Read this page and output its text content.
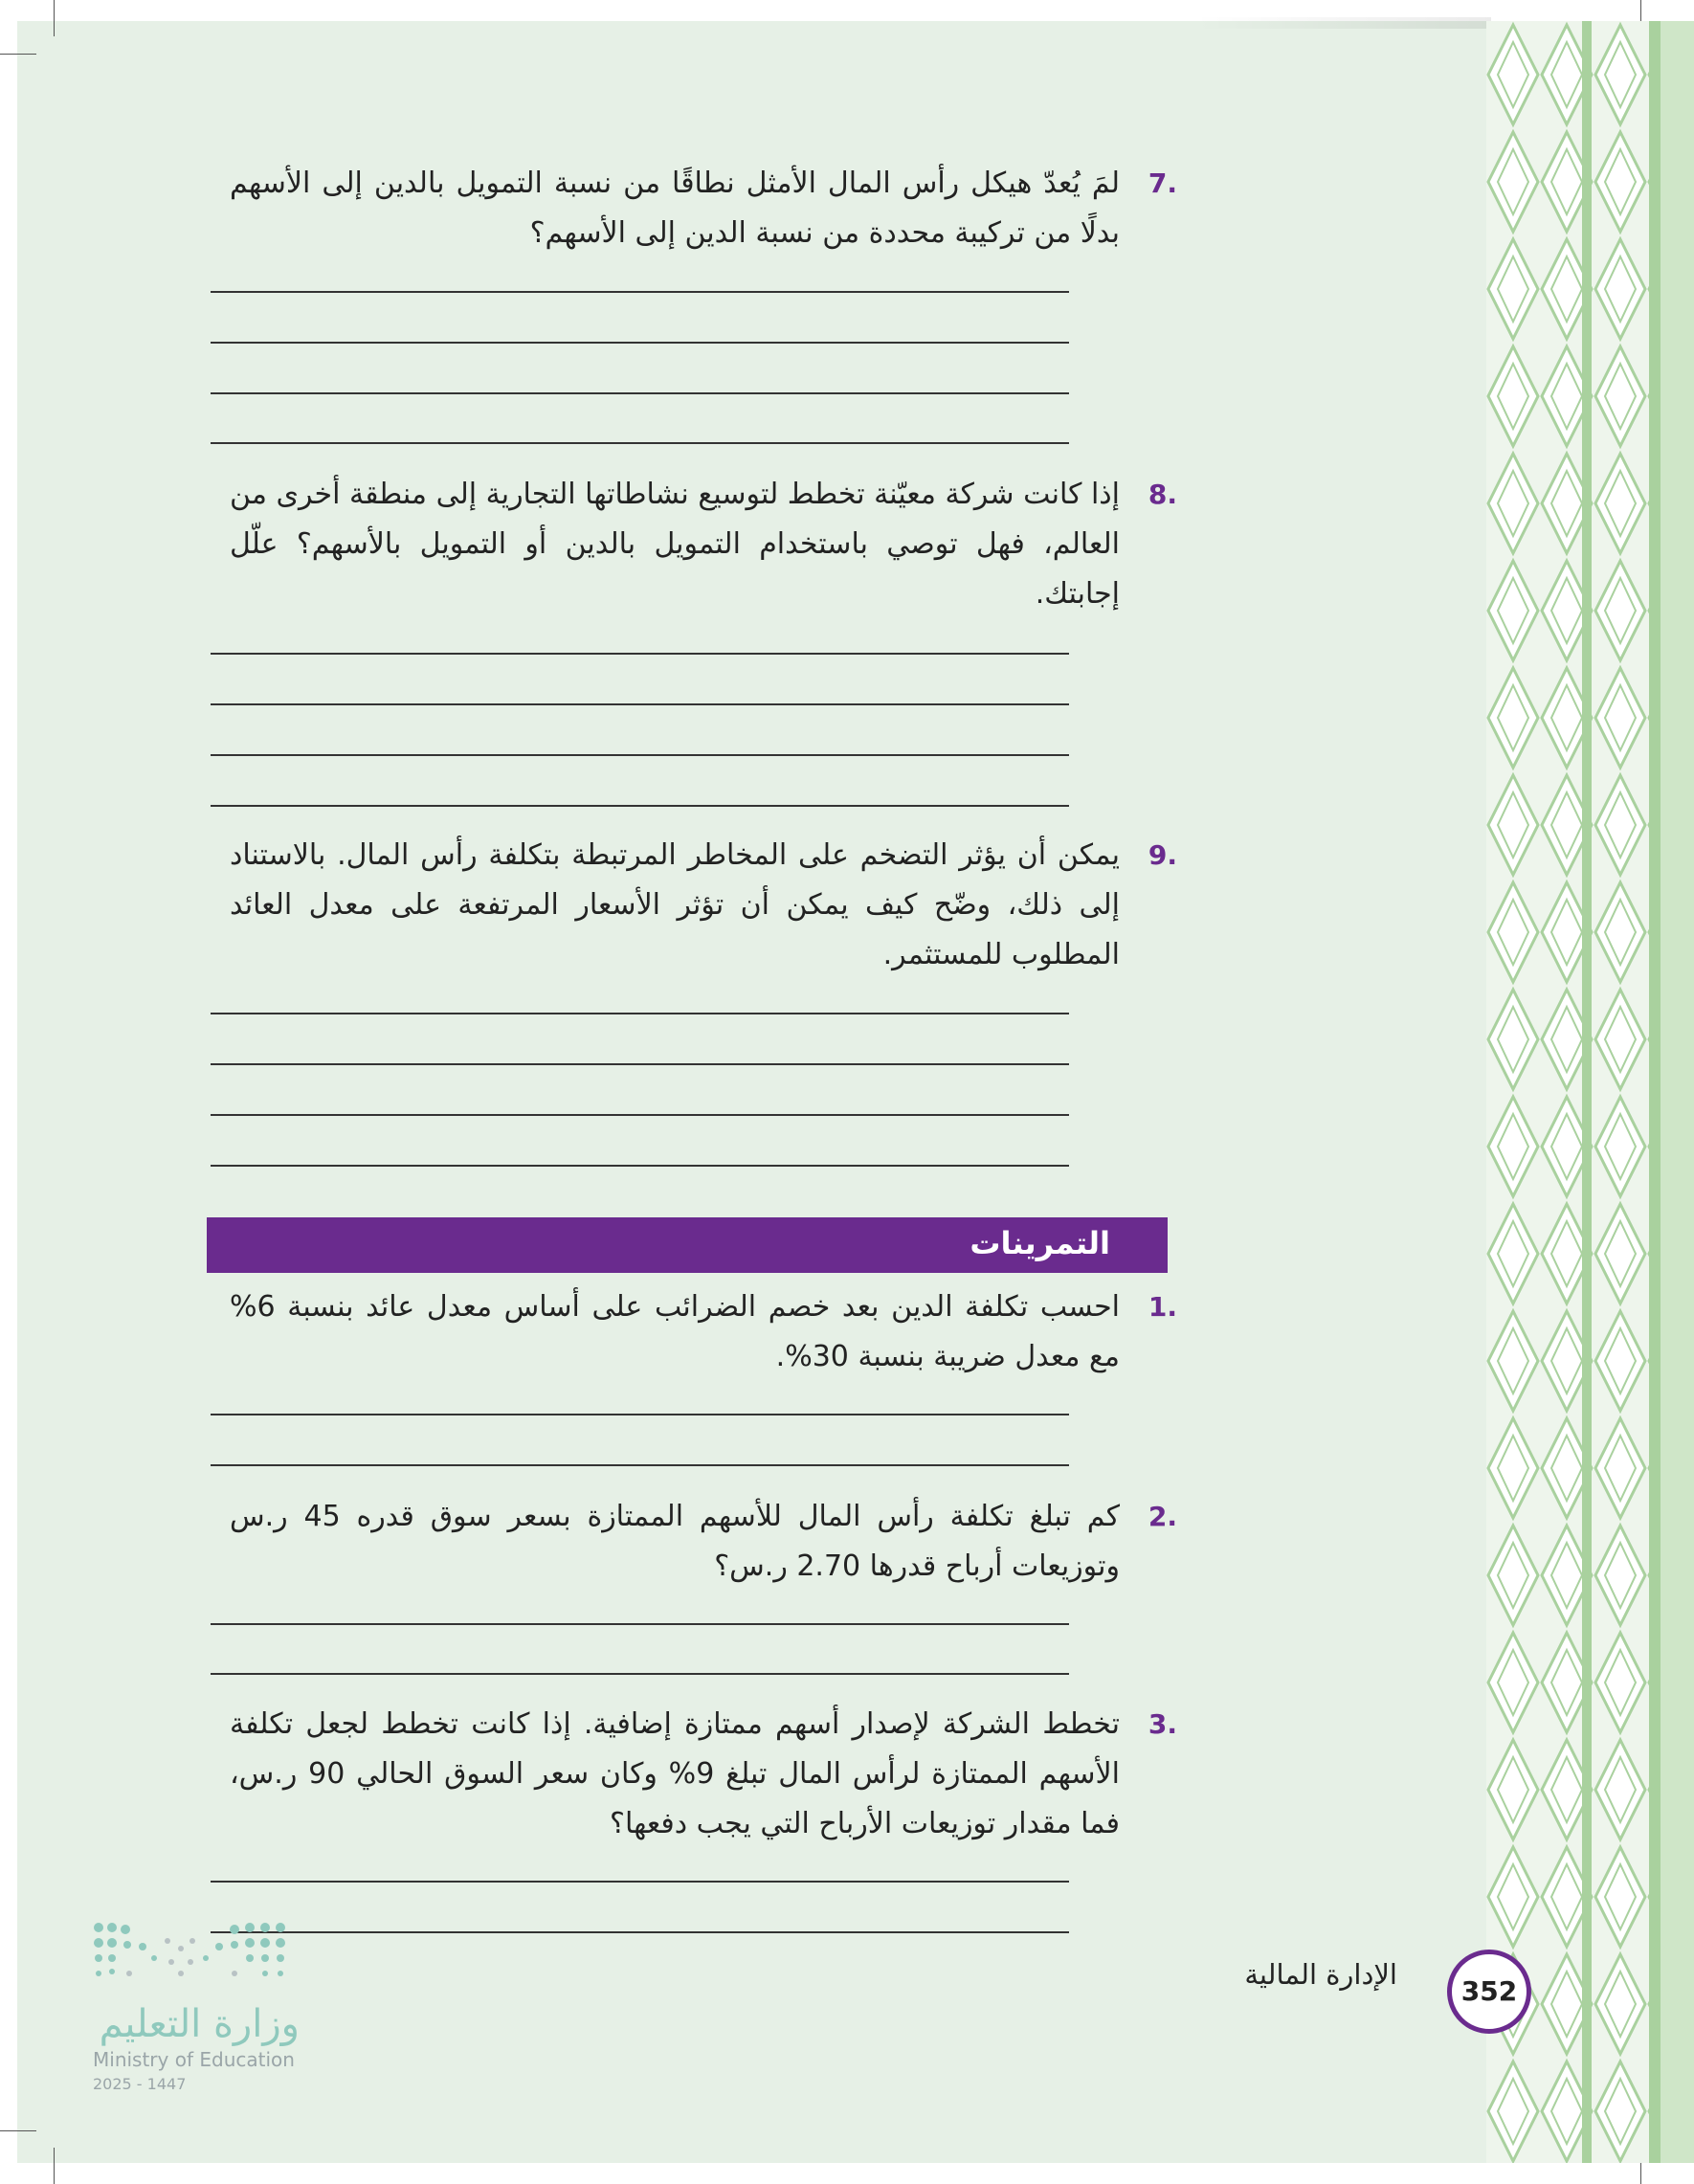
7.
لمَ يُعدّ هيكل رأس المال الأمثل نطاقًا من نسبة التمويل بالدين إلى الأسهم بدلًا من تركيبة محددة من نسبة الدين إلى الأسهم؟
8.
إذا كانت شركة معيّنة تخطط لتوسيع نشاطاتها التجارية إلى منطقة أخرى من العالم، فهل توصي باستخدام التمويل بالدين أو التمويل بالأسهم؟ علّل إجابتك.
9.
يمكن أن يؤثر التضخم على المخاطر المرتبطة بتكلفة رأس المال. بالاستناد إلى ذلك، وضّح كيف يمكن أن تؤثر الأسعار المرتفعة على معدل العائد المطلوب للمستثمر.
التمرينات
1.
احسب تكلفة الدين بعد خصم الضرائب على أساس معدل عائد بنسبة 6% مع معدل ضريبة بنسبة 30%.
2.
كم تبلغ تكلفة رأس المال للأسهم الممتازة بسعر سوق قدره 45 ر.س وتوزيعات أرباح قدرها 2.70 ر.س؟
3.
تخطط الشركة لإصدار أسهم ممتازة إضافية. إذا كانت تخطط لجعل تكلفة الأسهم الممتازة لرأس المال تبلغ 9% وكان سعر السوق الحالي 90 ر.س، فما مقدار توزيعات الأرباح التي يجب دفعها؟
352
الإدارة المالية
وزارة التعليم
Ministry of Education
2025 - 1447
